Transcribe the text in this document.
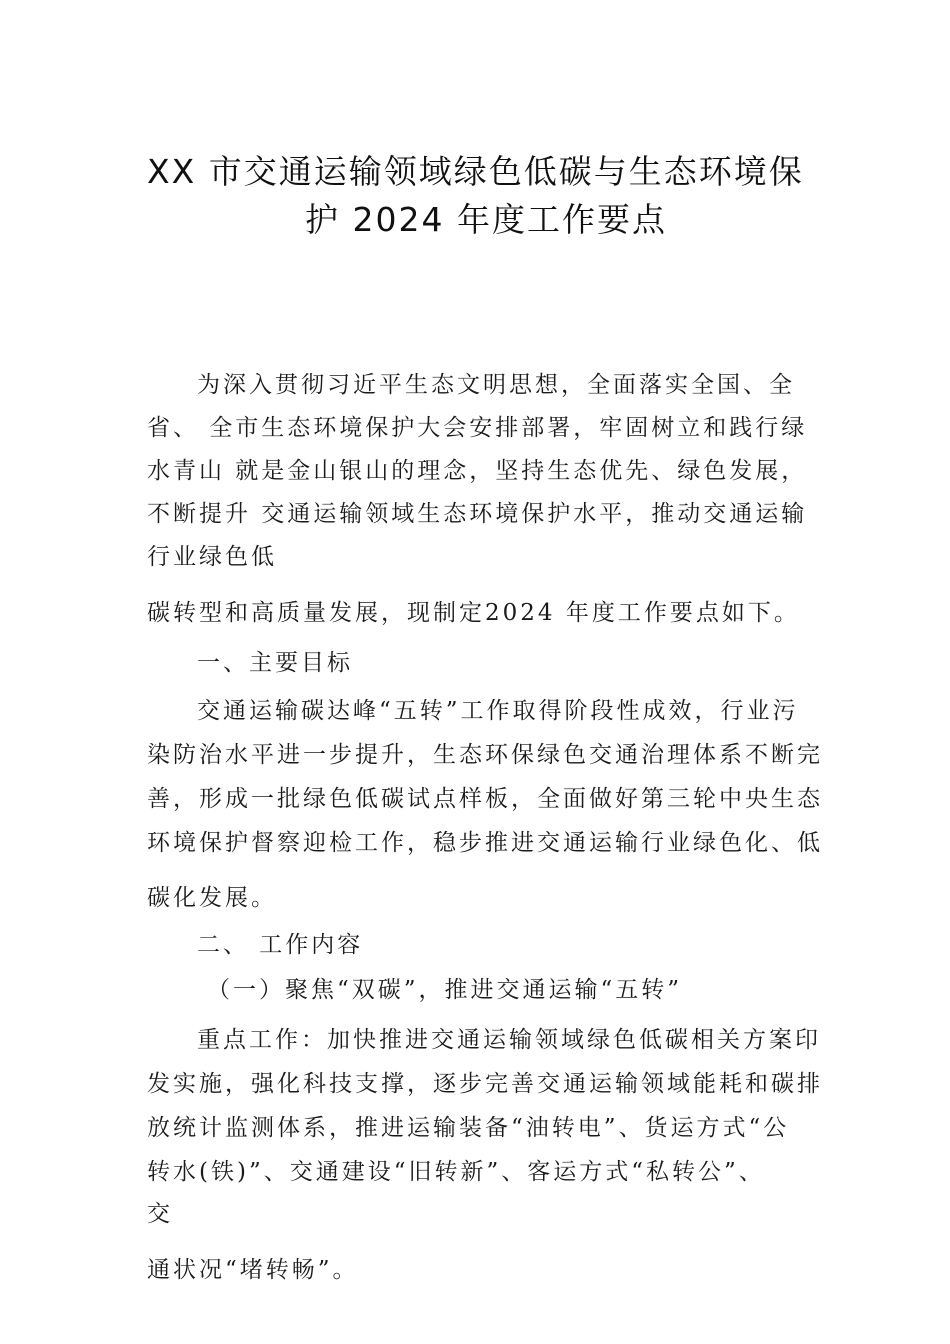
XX 市交通运输领域绿色低碳与生态环境保
护 2024 年度工作要点
为深入贯彻习近平生态文明思想，全面落实全国、全
省、 全市生态环境保护大会安排部署，牢固树立和践行绿
水青山 就是金山银山的理念，坚持生态优先、绿色发展，
不断提升 交通运输领域生态环境保护水平，推动交通运输
行业绿色低
碳转型和高质量发展，现制定2024 年度工作要点如下。
一、主要目标
交通运输碳达峰“五转”工作取得阶段性成效，行业污
染防治水平进一步提升，生态环保绿色交通治理体系不断完
善，形成一批绿色低碳试点样板，全面做好第三轮中央生态
环境保护督察迎检工作，稳步推进交通运输行业绿色化、低
碳化发展。
二、 工作内容
（一）聚焦“双碳”，推进交通运输“五转”
重点工作：加快推进交通运输领域绿色低碳相关方案印
发实施，强化科技支撑，逐步完善交通运输领域能耗和碳排
放统计监测体系，推进运输装备“油转电”、货运方式“公
转水(铁)”、交通建设“旧转新”、客运方式“私转公”、
交
通状况“堵转畅”。
